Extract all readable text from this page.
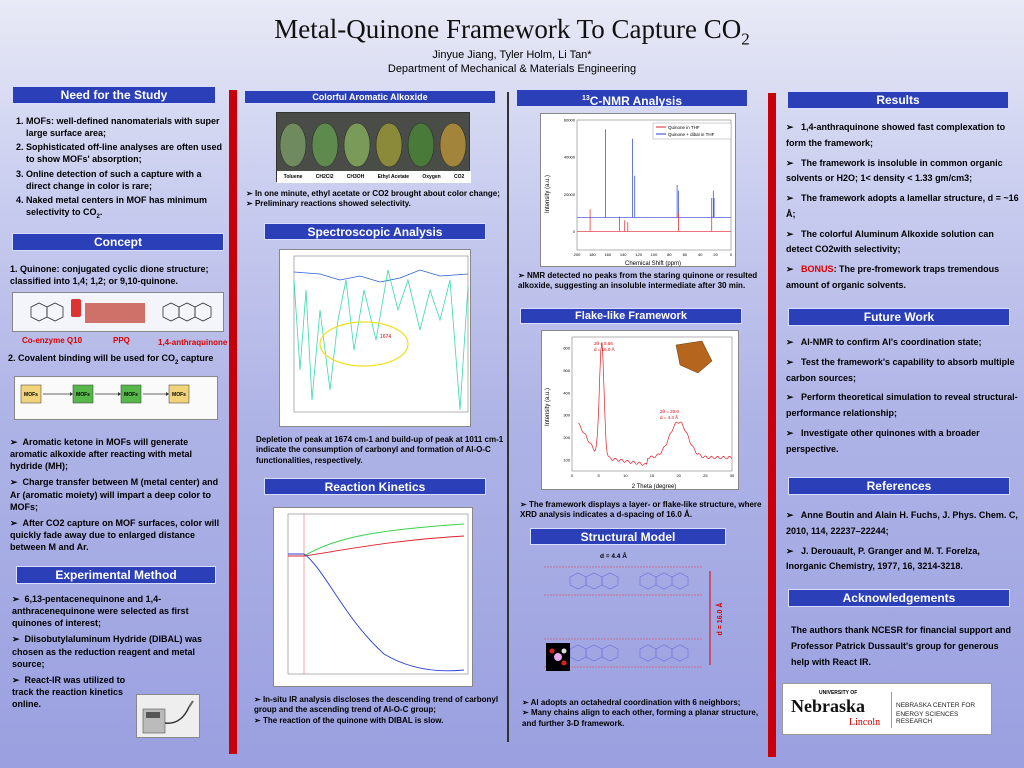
Metal-Quinone Framework To Capture $CO_2$
Jinyue Jiang, Tyler Holm, Li Tan*
Department of Mechanical & Materials Engineering
Need for the Study
1. MOFs: well-defined nanomaterials with super large surface area;
2. Sophisticated off-line analyses are often used to show MOFs' absorption;
3. Online detection of such a capture with a direct change in color is rare;
4. Naked metal centers in MOF has minimum selectivity to $CO_2$.
Concept
1. Quinone: conjugated cyclic dione structure; classified into 1,4; 1,2; or 9,10-quinone.
Co-enzyme Q10	PPQ	1,4-anthraquinone
2. Covalent binding will be used for $CO_2$ capture
MOFs	MOFs	MOFs	MOFs
➢  Aromatic ketone in MOFs will generate aromatic alkoxide after reacting with metal hydride (MH);
➢  Charge transfer between M (metal center) and Ar (aromatic moiety) will impart a deep color to MOFs;
➢  After CO2 capture on MOF surfaces, color will quickly fade away due to enlarged distance between M and Ar.
Experimental Method
➢  6,13-pentacenequinone and 1,4-anthracenequinone were selected as first quinones of interest;
➢  Diisobutylaluminum Hydride (DIBAL) was chosen as the reduction reagent and metal source;
➢  React-IR was utilized to track the reaction kinetics online.
Colorful Aromatic Alkoxide
Toluene	CH2Cl2	CH3OH	Ethyl Acetate	Oxygen	CO2
➢ In one minute, ethyl acetate or CO2 brought about color change;
➢ Preliminary reactions showed selectivity.
Spectroscopic Analysis
1674
Depletion of peak at 1674 cm-1 and build-up of peak at 1011 cm-1 indicate the consumption of carbonyl and formation of Al-O-C functionalities, respectively.
Reaction Kinetics
➢ In-situ IR analysis discloses the descending trend of carbonyl group and the ascending trend of Al-O-C group;
➢ The reaction of the quinone with DIBAL is slow.
$^{13}$C-NMR Analysis
Intensity (a.u.)
Chemical Shift (ppm)
200 180 160 140 120 100 80	60	40	20	0
0
20000
40000
60000
Quinone in THF
Quinone + dibal in THF
➢ NMR detected no peaks from the staring quinone or resulted alkoxide, suggesting an insoluble intermediate after 30 min.
Flake-like Framework
Intensity (a.u.)
2 Theta (degree)
0	5	10	15	20	25	30
100
200
300
400
500
600
2θ = 5.56
d = 16.0 Å
2θ = 20.0
d = 4.4 Å
➢ The framework displays a layer- or flake-like structure, where XRD analysis indicates a d-spacing of 16.0 Å.
Structural Model
d = 4.4 Å
d = 16.0 Å
➢ Al adopts an octahedral coordination with 6 neighbors;
➢ Many chains align to each other, forming a planar structure, and further 3-D framework.
Results
➢   1,4-anthraquinone showed fast complexation to form the framework;
➢   The framework is insoluble in common organic solvents or H2O; 1< density < 1.33 gm/cm3;
➢   The framework adopts a lamellar structure, d = ~16 Å;
➢   The colorful Aluminum Alkoxide solution can detect CO2with selectivity;
➢   BONUS: The pre-fromework traps tremendous amount of organic solvents.
Future Work
➢   Al-NMR to confirm Al's coordination state;
➢   Test the framework's capability to absorb multiple carbon sources;
➢   Perform theoretical simulation to reveal structural-performance relationship;
➢   Investigate other quinones with a broader perspective.
References
➢   Anne Boutin and Alain H. Fuchs, J. Phys. Chem. C, 2010, 114, 22237–22244;
➢   J. Derouault, P. Granger and M. T. Forelza, Inorganic Chemistry, 1977, 16, 3214-3218.
Acknowledgements
The authors thank NCESR for financial support and Professor Patrick Dussault's group for generous help with React IR.
UNIVERSITY OF
Nebraska
Lincoln
NEBRASKA CENTER FOR
ENERGY SCIENCES RESEARCH
